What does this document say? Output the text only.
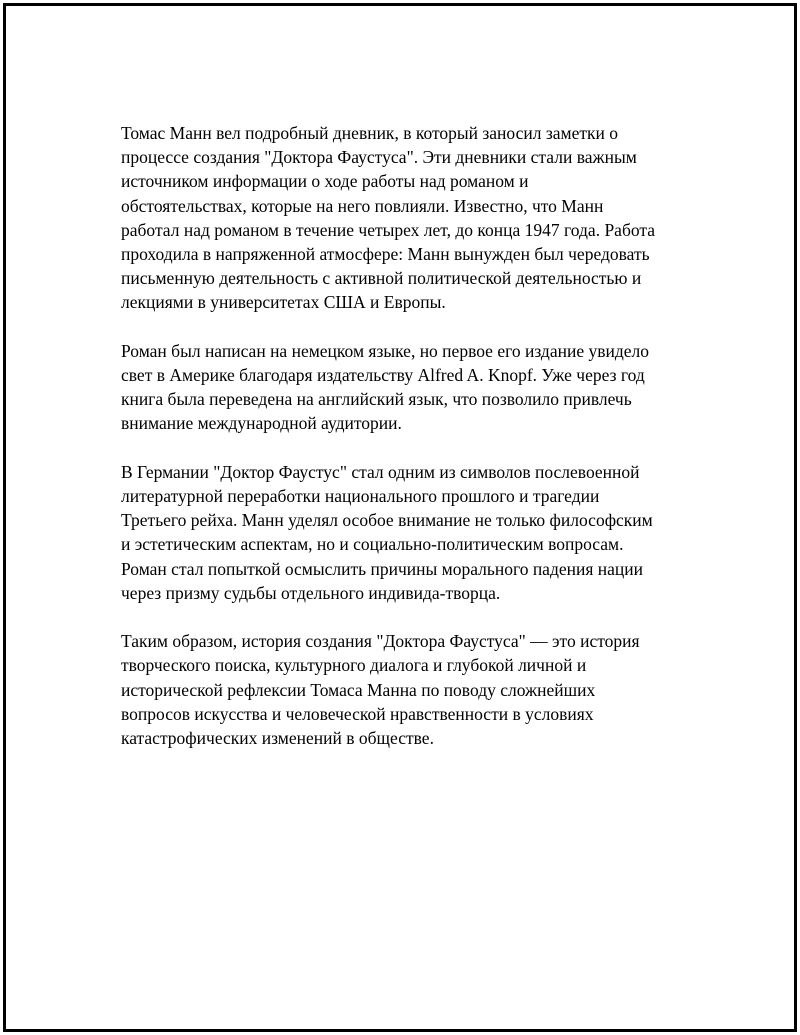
Томас Манн вел подробный дневник, в который заносил заметки о
процессе создания "Доктора Фаустуса". Эти дневники стали важным
источником информации о ходе работы над романом и
обстоятельствах, которые на него повлияли. Известно, что Манн
работал над романом в течение четырех лет, до конца 1947 года. Работа
проходила в напряженной атмосфере: Манн вынужден был чередовать
письменную деятельность с активной политической деятельностью и
лекциями в университетах США и Европы.

Роман был написан на немецком языке, но первое его издание увидело
свет в Америке благодаря издательству Alfred A. Knopf. Уже через год
книга была переведена на английский язык, что позволило привлечь
внимание международной аудитории.

В Германии "Доктор Фаустус" стал одним из символов послевоенной
литературной переработки национального прошлого и трагедии
Третьего рейха. Манн уделял особое внимание не только философским
и эстетическим аспектам, но и социально-политическим вопросам.
Роман стал попыткой осмыслить причины морального падения нации
через призму судьбы отдельного индивида-творца.

Таким образом, история создания "Доктора Фаустуса" — это история
творческого поиска, культурного диалога и глубокой личной и
исторической рефлексии Томаса Манна по поводу сложнейших
вопросов искусства и человеческой нравственности в условиях
катастрофических изменений в обществе.
